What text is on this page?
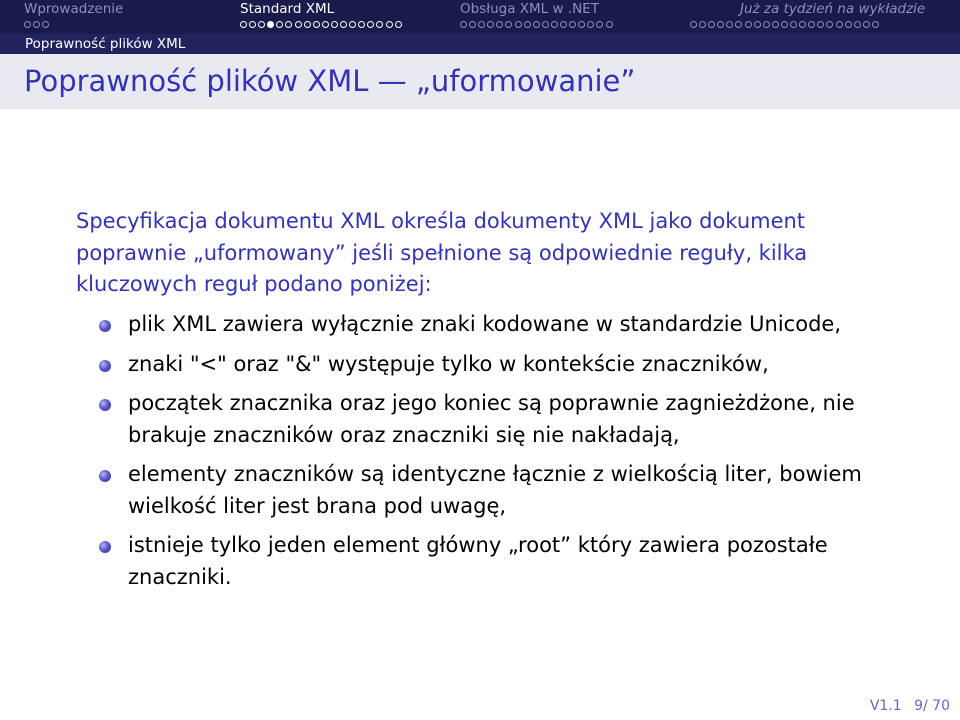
Wprowadzenie	Standard XML	Obsługa XML w .NET	Już za tydzień na wykładzie
Poprawność plików XML
Poprawność plików XML — „uformowanie”
Specyfikacja dokumentu XML określa dokumenty XML jako dokument poprawnie „uformowany” jeśli spełnione są odpowiednie reguły, kilka kluczowych reguł podano poniżej:
plik XML zawiera wyłącznie znaki kodowane w standardzie Unicode,
znaki "<" oraz "&" występuje tylko w kontekście znaczników,
początek znacznika oraz jego koniec są poprawnie zagnieżdżone, nie brakuje znaczników oraz znaczniki się nie nakładają,
elementy znaczników są identyczne łącznie z wielkością liter, bowiem wielkość liter jest brana pod uwagę,
istnieje tylko jeden element główny „root” który zawiera pozostałe znaczniki.
V1.1 9/ 70
